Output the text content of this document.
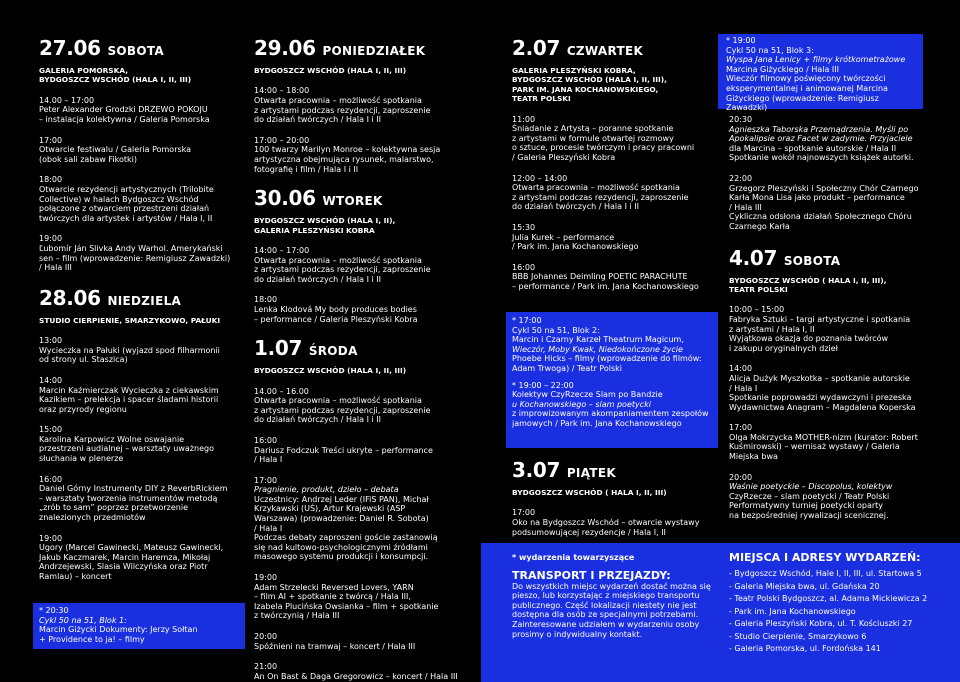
27.06 SOBOTA
GALERIA POMORSKA,
BYDGOSZCZ WSCHÓD (HALA I, II, III)
14.00 – 17:00
Peter Alexander Grodzki DRZEWO POKOJU
– instalacja kolektywna / Galeria Pomorska
17:00
Otwarcie festiwalu / Galeria Pomorska
(obok sali zabaw Fikotki)
18:00
Otwarcie rezydencji artystycznych (Trilobite
Collective) w halach Bydgoszcz Wschód
połączone z otwarciem przestrzeni działań
twórczych dla artystek i artystów / Hala I, II
19:00
Ľubomír Ján Slivka Andy Warhol. Amerykański
sen – film (wprowadzenie: Remigiusz Zawadzki)
/ Hala III
28.06 NIEDZIELA
STUDIO CIERPIENIE, SMARZYKOWO, PAŁUKI
13:00
Wycieczka na Pałuki (wyjazd spod filharmonii
od strony ul. Staszica)
14:00
Marcin Kaźmierczak Wycieczka z ciekawskim
Kazikiem – prelekcja i spacer śladami historii
oraz przyrody regionu
15:00
Karolina Karpowicz Wolne oswajanie
przestrzeni audialnej – warsztaty uważnego
słuchania w plenerze
16:00
Daniel Górny Instrumenty DIY z ReverbRickiem
– warsztaty tworzenia instrumentów metodą
„zrób to sam” poprzez przetworzenie
znalezionych przedmiotów
19:00
Ugory (Marcel Gawinecki, Mateusz Gawinecki,
Jakub Kaczmarek, Marcin Haremza, Mikołaj
Andrzejewski, Slasia Wilczyńska oraz Piotr
Ramlau) – koncert
* 20:30
Cykl 50 na 51, Blok 1:
Marcin Giżycki Dokumenty: Jerzy Sołtan
+ Providence to ja! – filmy
29.06 PONIEDZIAŁEK
BYDGOSZCZ WSCHÓD (HALA I, II, III)
14:00 – 18:00
Otwarta pracownia – możliwość spotkania
z artystami podczas rezydencji, zaproszenie
do działań twórczych / Hala I i II
17:00 – 20:00
100 twarzy Marilyn Monroe – kolektywna sesja
artystyczna obejmująca rysunek, malarstwo,
fotografię i film / Hala I i II
30.06 WTOREK
BYDGOSZCZ WSCHÓD (HALA I, II),
GALERIA PLESZYŃSKI KOBRA
14:00 – 17:00
Otwarta pracownia – możliwość spotkania
z artystami podczas rezydencji, zaproszenie
do działań twórczych / Hala I i II
18:00
Lenka Klodová My body produces bodies
– performance / Galeria Pleszyński Kobra
1.07 ŚRODA
BYDGOSZCZ WSCHÓD (HALA I, II, III)
14.00 – 16.00
Otwarta pracownia – możliwość spotkania
z artystami podczas rezydencji, zaproszenie
do działań twórczych / Hala I i II
16:00
Dariusz Fodczuk Treści ukryte – performance
/ Hala I
17:00
Pragnienie, produkt, dzieło – debata
Uczestnicy: Andrzej Leder (IFiS PAN), Michał
Krzykawski (UŚ), Artur Krajewski (ASP
Warszawa) (prowadzenie: Daniel R. Sobota)
/ Hala I
Podczas debaty zaproszeni goście zastanowią
się nad kultowo-psychologicznymi źródłami
masowego systemu produkcji i konsumpcji.
19:00
Adam Strzelecki Reversed Lovers, YARN
– film AI + spotkanie z twórcą / Hala III,
Izabela Plucińska Owsianka – film + spotkanie
z twórczynią / Hala III
20:00
Spóźnieni na tramwaj – koncert / Hala III
21:00
An On Bast & Daga Gregorowicz – koncert / Hala III
2.07 CZWARTEK
GALERIA PLESZYŃSKI KOBRA,
BYDGOSZCZ WSCHÓD (HALA I, II, III),
PARK IM. JANA KOCHANOWSKIEGO,
TEATR POLSKI
11:00
Śniadanie z Artystą – poranne spotkanie
z artystami w formule otwartej rozmowy
o sztuce, procesie twórczym i pracy pracowni
/ Galeria Pleszyński Kobra
12:00 – 14:00
Otwarta pracownia – możliwość spotkania
z artystami podczas rezydencji, zaproszenie
do działań twórczych / Hala I i II
15:30
Julia Kurek – performance
/ Park im. Jana Kochanowskiego
16:00
BBB Johannes Deimling POETIC PARACHUTE
– performance / Park im. Jana Kochanowskiego
* 17:00
Cykl 50 na 51, Blok 2:
Marcin i Czarny Karzeł Theatrum Magicum,
Wieczór, Moby Kwak, Niedokończone życie
Phoebe Hicks – filmy (wprowadzenie do filmów:
Adam Trwoga) / Teatr Polski
* 19:00 – 22:00
Kolektyw CzyRzecze Slam po Bandzie
u Kochanowskiego – slam poetycki
z improwizowanym akompaniamentem zespołów
jamowych / Park im. Jana Kochanowskiego
3.07 PIĄTEK
BYDGOSZCZ WSCHÓD ( HALA I, II, III)
17:00
Oko na Bydgoszcz Wschód – otwarcie wystawy
podsumowującej rezydencje / Hala I, II
* wydarzenia towarzyszące
TRANSPORT I PRZEJAZDY:
Do wszystkich miejsc wydarzeń dostać można się
pieszo, lub korzystając z miejskiego transportu
publicznego. Część lokalizacji niestety nie jest
dostępna dla osób ze specjalnymi potrzebami.
Zainteresowane udziałem w wydarzeniu osoby
prosimy o indywidualny kontakt.
* 19:00
Cykl 50 na 51, Blok 3:
Wyspa Jana Lenicy + filmy krótkometrażowe
Marcina Giżyckiego / Hala III
Wieczór filmowy poświęcony twórczości
eksperymentalnej i animowanej Marcina
Giżyckiego (wprowadzenie: Remigiusz Zawadzki)
20:30
Agnieszka Taborska Przemądrzenia. Myśli po
Apokalipsie oraz Facet w zadymie. Przyjaciele
dla Marcina – spotkanie autorskie / Hala II
Spotkanie wokół najnowszych książek autorki.
22:00
Grzegorz Pleszyński i Społeczny Chór Czarnego
Karła Mona Lisa jako produkt – performance
/ Hala III
Cykliczna odsłona działań Społecznego Chóru
Czarnego Karła
4.07 SOBOTA
BYDGOSZCZ WSCHÓD ( HALA I, II, III),
TEATR POLSKI
10:00 – 15:00
Fabryka Sztuki – targi artystyczne i spotkania
z artystami / Hala I, II
Wyjątkowa okazja do poznania twórców
i zakupu oryginalnych dzieł
14:00
Alicja Dużyk Myszkotka – spotkanie autorskie
/ Hala I
Spotkanie poprowadzi wydawczyni i prezeska
Wydawnictwa Anagram – Magdalena Koperska
17:00
Olga Mokrzycka MOTHER-nizm (kurator: Robert
Kuśmirowski) – wernisaż wystawy / Galeria
Miejska bwa
20:00
Waśnie poetyckie – Discopolus, kolektyw
CzyRzecze – slam poetycki / Teatr Polski
Performatywny turniej poetycki oparty
na bezpośredniej rywalizacji scenicznej.
MIEJSCA I ADRESY WYDARZEŃ:
- Bydgoszcz Wschód, Hale I, II, III, ul. Startowa 5
- Galeria Miejska bwa, ul. Gdańska 20
- Teatr Polski Bydgoszcz, al. Adama Mickiewicza 2
- Park im. Jana Kochanowskiego
- Galeria Pleszyński Kobra, ul. T. Kościuszki 27
- Studio Cierpienie, Smarzykowo 6
- Galeria Pomorska, ul. Fordońska 141
